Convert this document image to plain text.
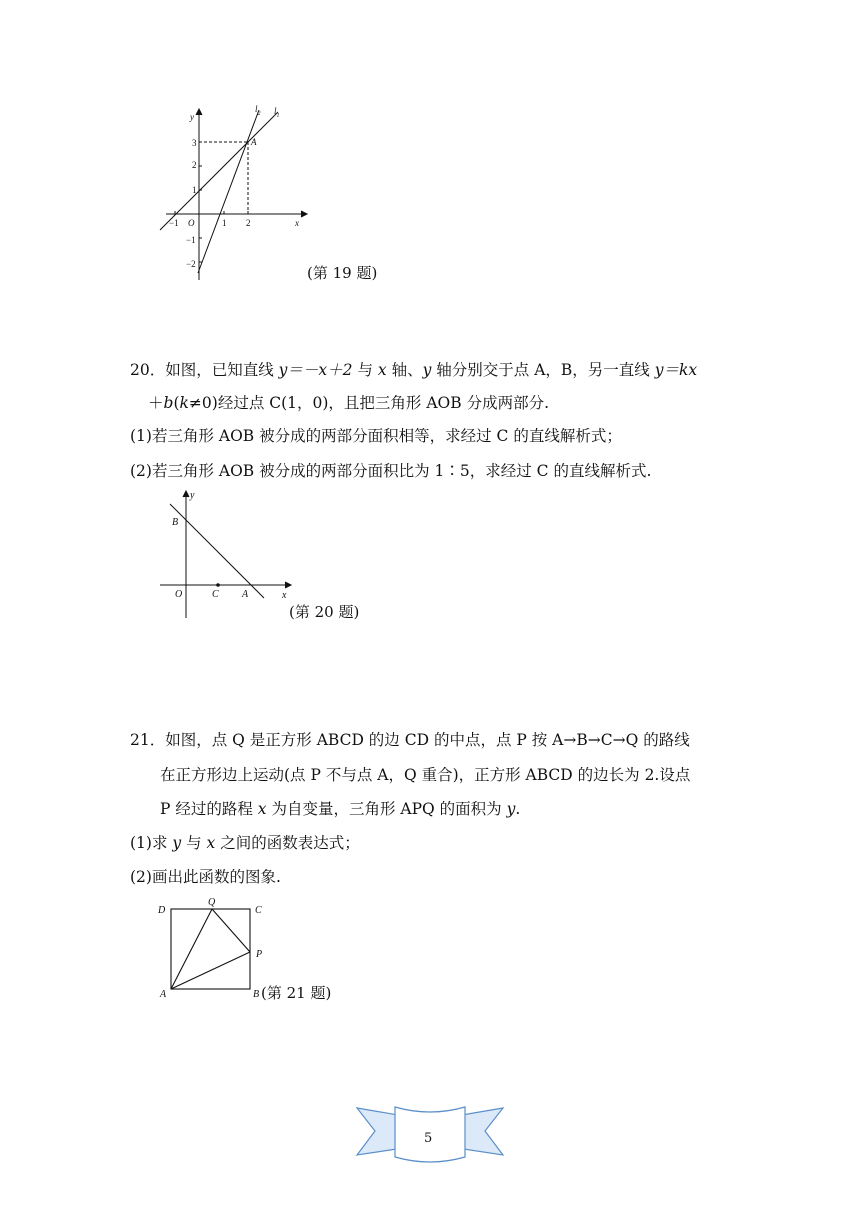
y
x
O
A
$l_2$ $l_1$
3
2
1
−1
−2
−1	1 2
(第 19 题)
20．如图，已知直线 y＝－x＋2 与 x 轴、y 轴分别交于点 A，B，另一直线 y＝kx
＋b(k≠0)经过点 C(1，0)，且把三角形 AOB 分成两部分.
(1)若三角形 AOB 被分成的两部分面积相等，求经过 C 的直线解析式；
(2)若三角形 AOB 被分成的两部分面积比为 1∶5，求经过 C 的直线解析式.
y
x
O
B
C A
(第 20 题)
21．如图，点 Q 是正方形 ABCD 的边 CD 的中点，点 P 按 A→B→C→Q 的路线
在正方形边上运动(点 P 不与点 A，Q 重合)，正方形 ABCD 的边长为 2.设点
P 经过的路程 x 为自变量，三角形 APQ 的面积为 y.
(1)求 y 与 x 之间的函数表达式；
(2)画出此函数的图象.
D
Q
C
P
A	B (第 21 题)
5
